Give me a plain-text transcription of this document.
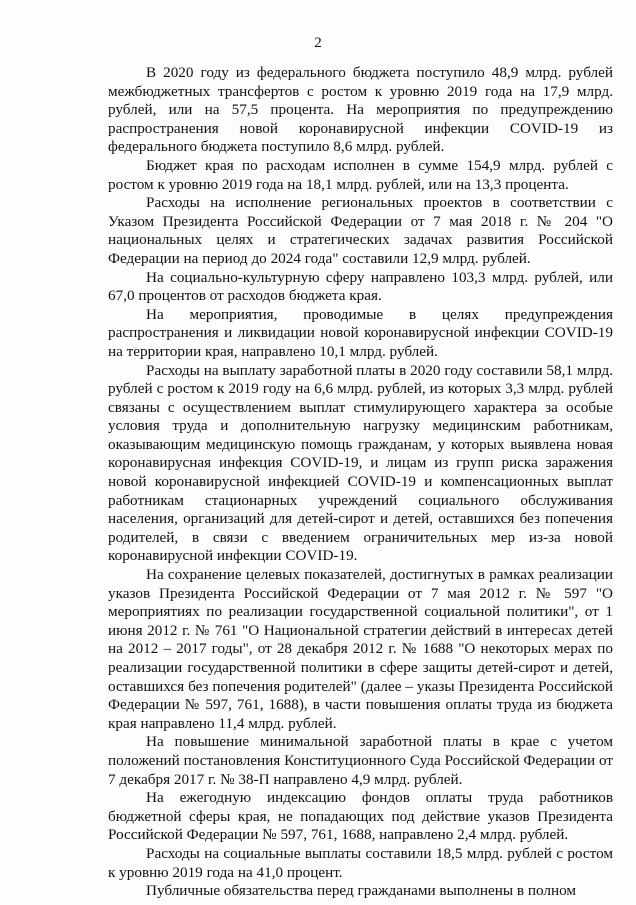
2

В 2020 году из федерального бюджета поступило 48,9 млрд. рублей межбюджетных трансфертов с ростом к уровню 2019 года на 17,9 млрд. рублей, или на 57,5 процента. На мероприятия по предупреждению распространения новой коронавирусной инфекции COVID-19 из федерального бюджета поступило 8,6 млрд. рублей.

Бюджет края по расходам исполнен в сумме 154,9 млрд. рублей с ростом к уровню 2019 года на 18,1 млрд. рублей, или на 13,3 процента.

Расходы на исполнение региональных проектов в соответствии с Указом Президента Российской Федерации от 7 мая 2018 г. № 204 "О национальных целях и стратегических задачах развития Российской Федерации на период до 2024 года" составили 12,9 млрд. рублей.

На социально-культурную сферу направлено 103,3 млрд. рублей, или 67,0 процентов от расходов бюджета края.

На мероприятия, проводимые в целях предупреждения распространения и ликвидации новой коронавирусной инфекции COVID-19 на территории края, направлено 10,1 млрд. рублей.

Расходы на выплату заработной платы в 2020 году составили 58,1 млрд. рублей с ростом к 2019 году на 6,6 млрд. рублей, из которых 3,3 млрд. рублей связаны с осуществлением выплат стимулирующего характера за особые условия труда и дополнительную нагрузку медицинским работникам, оказывающим медицинскую помощь гражданам, у которых выявлена новая коронавирусная инфекция COVID-19, и лицам из групп риска заражения новой коронавирусной инфекцией COVID-19 и компенсационных выплат работникам стационарных учреждений социального обслуживания населения, организаций для детей-сирот и детей, оставшихся без попечения родителей, в связи с введением ограничительных мер из-за новой коронавирусной инфекции COVID-19.

На сохранение целевых показателей, достигнутых в рамках реализации указов Президента Российской Федерации от 7 мая 2012 г. № 597 "О мероприятиях по реализации государственной социальной политики", от 1 июня 2012 г. № 761 "О Национальной стратегии действий в интересах детей на 2012 – 2017 годы", от 28 декабря 2012 г. № 1688 "О некоторых мерах по реализации государственной политики в сфере защиты детей-сирот и детей, оставшихся без попечения родителей" (далее – указы Президента Российской Федерации № 597, 761, 1688), в части повышения оплаты труда из бюджета края направлено 11,4 млрд. рублей.

На повышение минимальной заработной платы в крае с учетом положений постановления Конституционного Суда Российской Федерации от 7 декабря 2017 г. № 38-П направлено 4,9 млрд. рублей.

На ежегодную индексацию фондов оплаты труда работников бюджетной сферы края, не попадающих под действие указов Президента Российской Федерации № 597, 761, 1688, направлено 2,4 млрд. рублей.

Расходы на социальные выплаты составили 18,5 млрд. рублей с ростом к уровню 2019 года на 41,0 процент.

Публичные обязательства перед гражданами выполнены в полном
